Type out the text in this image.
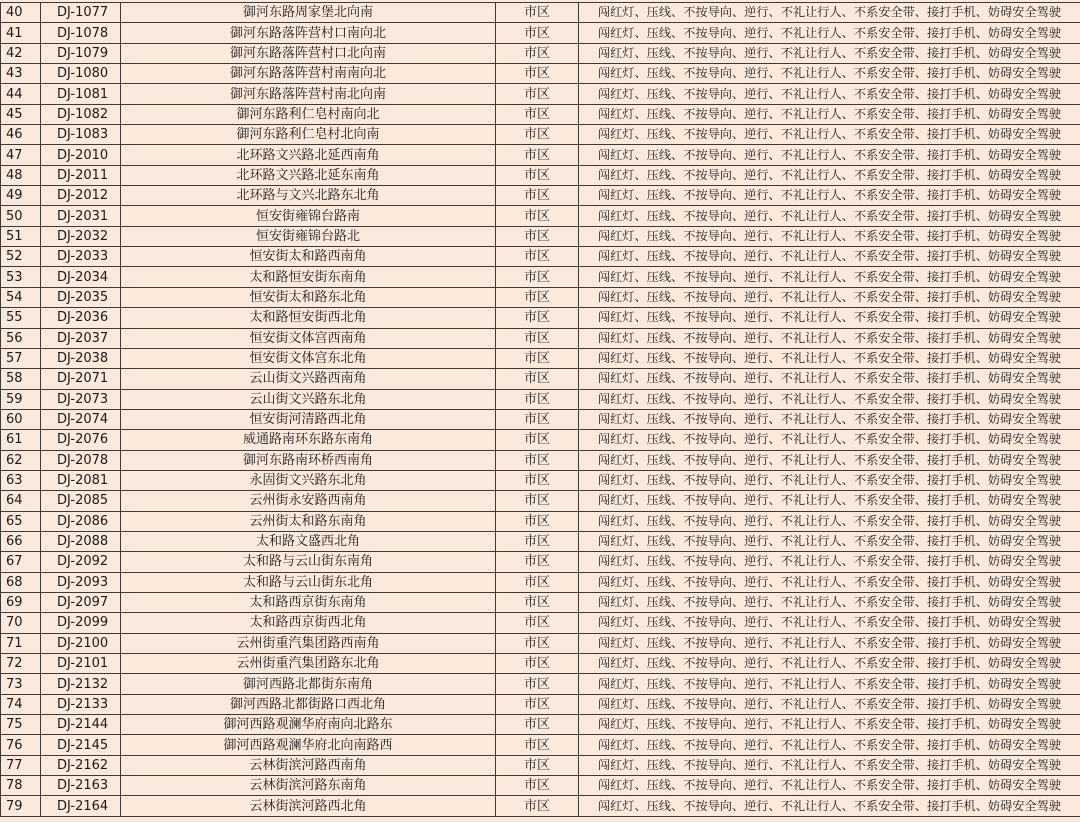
40	DJ-1077	御河东路周家堡北向南	市区	闯红灯、压线、不按导向、逆行、不礼让行人、不系安全带、接打手机、妨碍安全驾驶
41	DJ-1078	御河东路落阵营村口南向北	市区	闯红灯、压线、不按导向、逆行、不礼让行人、不系安全带、接打手机、妨碍安全驾驶
42	DJ-1079	御河东路落阵营村口北向南	市区	闯红灯、压线、不按导向、逆行、不礼让行人、不系安全带、接打手机、妨碍安全驾驶
43	DJ-1080	御河东路落阵营村南南向北	市区	闯红灯、压线、不按导向、逆行、不礼让行人、不系安全带、接打手机、妨碍安全驾驶
44	DJ-1081	御河东路落阵营村南北向南	市区	闯红灯、压线、不按导向、逆行、不礼让行人、不系安全带、接打手机、妨碍安全驾驶
45	DJ-1082	御河东路利仁皂村南向北	市区	闯红灯、压线、不按导向、逆行、不礼让行人、不系安全带、接打手机、妨碍安全驾驶
46	DJ-1083	御河东路利仁皂村北向南	市区	闯红灯、压线、不按导向、逆行、不礼让行人、不系安全带、接打手机、妨碍安全驾驶
47	DJ-2010	北环路文兴路北延西南角	市区	闯红灯、压线、不按导向、逆行、不礼让行人、不系安全带、接打手机、妨碍安全驾驶
48	DJ-2011	北环路文兴路北延东南角	市区	闯红灯、压线、不按导向、逆行、不礼让行人、不系安全带、接打手机、妨碍安全驾驶
49	DJ-2012	北环路与文兴北路东北角	市区	闯红灯、压线、不按导向、逆行、不礼让行人、不系安全带、接打手机、妨碍安全驾驶
50	DJ-2031	恒安街雍锦台路南	市区	闯红灯、压线、不按导向、逆行、不礼让行人、不系安全带、接打手机、妨碍安全驾驶
51	DJ-2032	恒安街雍锦台路北	市区	闯红灯、压线、不按导向、逆行、不礼让行人、不系安全带、接打手机、妨碍安全驾驶
52	DJ-2033	恒安街太和路西南角	市区	闯红灯、压线、不按导向、逆行、不礼让行人、不系安全带、接打手机、妨碍安全驾驶
53	DJ-2034	太和路恒安街东南角	市区	闯红灯、压线、不按导向、逆行、不礼让行人、不系安全带、接打手机、妨碍安全驾驶
54	DJ-2035	恒安街太和路东北角	市区	闯红灯、压线、不按导向、逆行、不礼让行人、不系安全带、接打手机、妨碍安全驾驶
55	DJ-2036	太和路恒安街西北角	市区	闯红灯、压线、不按导向、逆行、不礼让行人、不系安全带、接打手机、妨碍安全驾驶
56	DJ-2037	恒安街文体宫西南角	市区	闯红灯、压线、不按导向、逆行、不礼让行人、不系安全带、接打手机、妨碍安全驾驶
57	DJ-2038	恒安街文体宫东北角	市区	闯红灯、压线、不按导向、逆行、不礼让行人、不系安全带、接打手机、妨碍安全驾驶
58	DJ-2071	云山街文兴路西南角	市区	闯红灯、压线、不按导向、逆行、不礼让行人、不系安全带、接打手机、妨碍安全驾驶
59	DJ-2073	云山街文兴路东北角	市区	闯红灯、压线、不按导向、逆行、不礼让行人、不系安全带、接打手机、妨碍安全驾驶
60	DJ-2074	恒安街河清路西北角	市区	闯红灯、压线、不按导向、逆行、不礼让行人、不系安全带、接打手机、妨碍安全驾驶
61	DJ-2076	威通路南环东路东南角	市区	闯红灯、压线、不按导向、逆行、不礼让行人、不系安全带、接打手机、妨碍安全驾驶
62	DJ-2078	御河东路南环桥西南角	市区	闯红灯、压线、不按导向、逆行、不礼让行人、不系安全带、接打手机、妨碍安全驾驶
63	DJ-2081	永固街文兴路东北角	市区	闯红灯、压线、不按导向、逆行、不礼让行人、不系安全带、接打手机、妨碍安全驾驶
64	DJ-2085	云州街永安路西南角	市区	闯红灯、压线、不按导向、逆行、不礼让行人、不系安全带、接打手机、妨碍安全驾驶
65	DJ-2086	云州街太和路东南角	市区	闯红灯、压线、不按导向、逆行、不礼让行人、不系安全带、接打手机、妨碍安全驾驶
66	DJ-2088	太和路文盛西北角	市区	闯红灯、压线、不按导向、逆行、不礼让行人、不系安全带、接打手机、妨碍安全驾驶
67	DJ-2092	太和路与云山街东南角	市区	闯红灯、压线、不按导向、逆行、不礼让行人、不系安全带、接打手机、妨碍安全驾驶
68	DJ-2093	太和路与云山街东北角	市区	闯红灯、压线、不按导向、逆行、不礼让行人、不系安全带、接打手机、妨碍安全驾驶
69	DJ-2097	太和路西京街东南角	市区	闯红灯、压线、不按导向、逆行、不礼让行人、不系安全带、接打手机、妨碍安全驾驶
70	DJ-2099	太和路西京街西北角	市区	闯红灯、压线、不按导向、逆行、不礼让行人、不系安全带、接打手机、妨碍安全驾驶
71	DJ-2100	云州街重汽集团路西南角	市区	闯红灯、压线、不按导向、逆行、不礼让行人、不系安全带、接打手机、妨碍安全驾驶
72	DJ-2101	云州街重汽集团路东北角	市区	闯红灯、压线、不按导向、逆行、不礼让行人、不系安全带、接打手机、妨碍安全驾驶
73	DJ-2132	御河西路北都街东南角	市区	闯红灯、压线、不按导向、逆行、不礼让行人、不系安全带、接打手机、妨碍安全驾驶
74	DJ-2133	御河西路北都街路口西北角	市区	闯红灯、压线、不按导向、逆行、不礼让行人、不系安全带、接打手机、妨碍安全驾驶
75	DJ-2144	御河西路观澜华府南向北路东	市区	闯红灯、压线、不按导向、逆行、不礼让行人、不系安全带、接打手机、妨碍安全驾驶
76	DJ-2145	御河西路观澜华府北向南路西	市区	闯红灯、压线、不按导向、逆行、不礼让行人、不系安全带、接打手机、妨碍安全驾驶
77	DJ-2162	云林街滨河路西南角	市区	闯红灯、压线、不按导向、逆行、不礼让行人、不系安全带、接打手机、妨碍安全驾驶
78	DJ-2163	云林街滨河路东南角	市区	闯红灯、压线、不按导向、逆行、不礼让行人、不系安全带、接打手机、妨碍安全驾驶
79	DJ-2164	云林街滨河路西北角	市区	闯红灯、压线、不按导向、逆行、不礼让行人、不系安全带、接打手机、妨碍安全驾驶
